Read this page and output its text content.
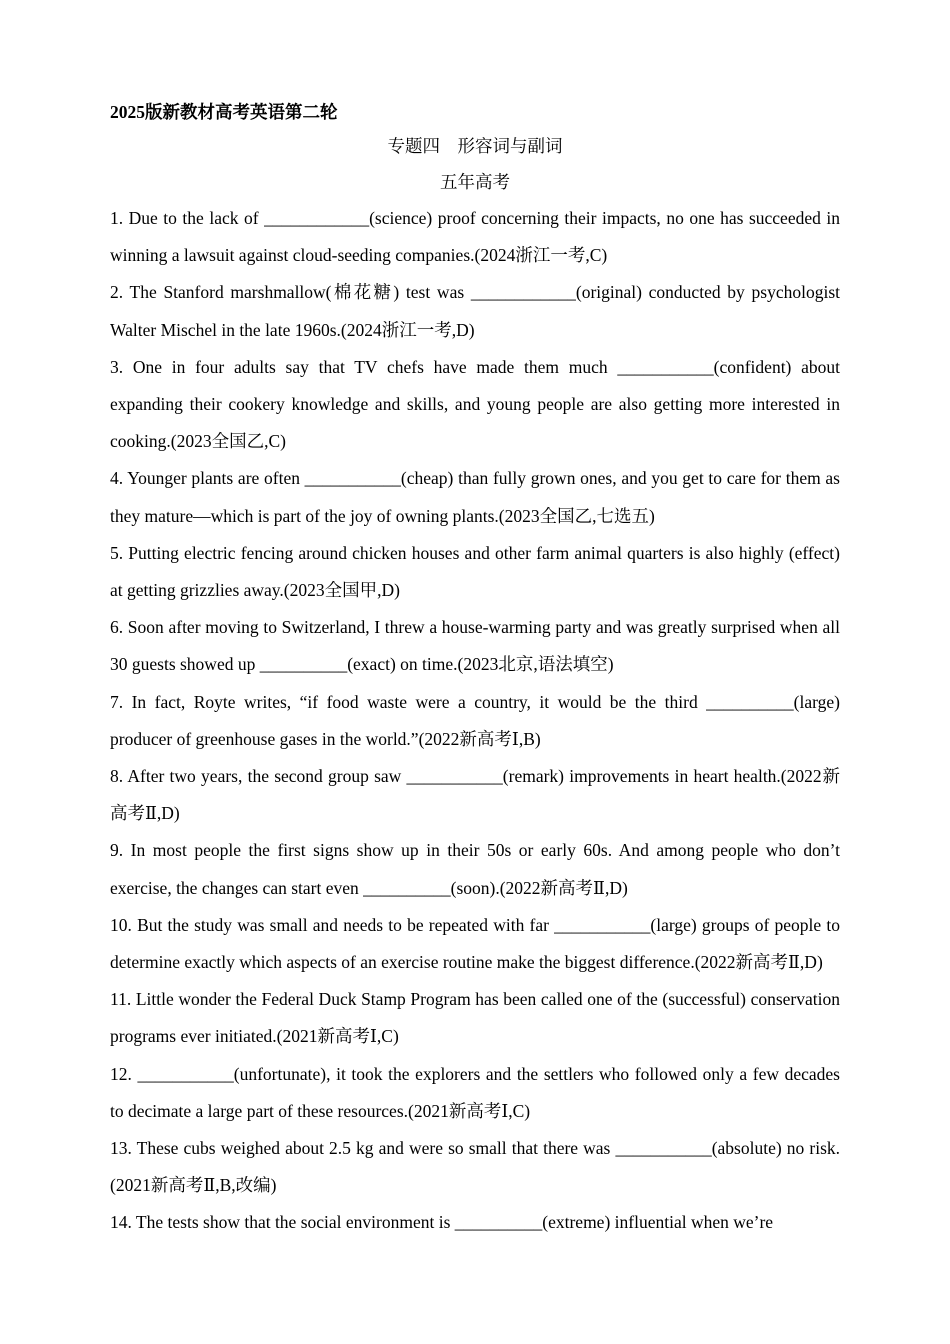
2025版新教材高考英语第二轮
专题四　形容词与副词
五年高考

1. Due to the lack of ____________(science) proof concerning their impacts, no one has succeeded in winning a lawsuit against cloud-seeding companies.(2024浙江一考,C)

2. The Stanford marshmallow(棉花糖) test was ____________(original) conducted by psychologist Walter Mischel in the late 1960s.(2024浙江一考,D)

3. One in four adults say that TV chefs have made them much ___________(confident) about expanding their cookery knowledge and skills, and young people are also getting more interested in cooking.(2023全国乙,C)

4. Younger plants are often ___________(cheap) than fully grown ones, and you get to care for them as they mature—which is part of the joy of owning plants.(2023全国乙,七选五)

5. Putting electric fencing around chicken houses and other farm animal quarters is also highly (effect) at getting grizzlies away.(2023全国甲,D)

6. Soon after moving to Switzerland, I threw a house-warming party and was greatly surprised when all 30 guests showed up __________(exact) on time.(2023北京,语法填空)

7. In fact, Royte writes, “if food waste were a country, it would be the third __________(large) producer of greenhouse gases in the world.”(2022新高考Ⅰ,B)

8. After two years, the second group saw ___________(remark) improvements in heart health.(2022新高考Ⅱ,D)

9. In most people the first signs show up in their 50s or early 60s. And among people who don’t exercise, the changes can start even __________(soon).(2022新高考Ⅱ,D)

10. But the study was small and needs to be repeated with far ___________(large) groups of people to determine exactly which aspects of an exercise routine make the biggest difference.(2022新高考Ⅱ,D)

11. Little wonder the Federal Duck Stamp Program has been called one of the (successful) conservation programs ever initiated.(2021新高考Ⅰ,C)

12. ___________(unfortunate), it took the explorers and the settlers who followed only a few decades to decimate a large part of these resources.(2021新高考Ⅰ,C)

13. These cubs weighed about 2.5 kg and were so small that there was ___________(absolute) no risk.(2021新高考Ⅱ,B,改编)

14. The tests show that the social environment is __________(extreme) influential when we’re
